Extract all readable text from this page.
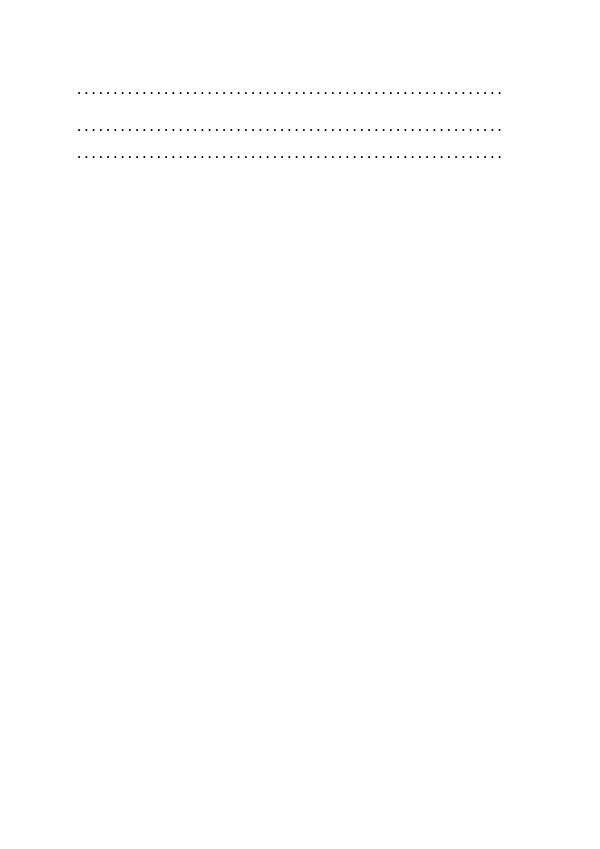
. . .
. . .
. . .
